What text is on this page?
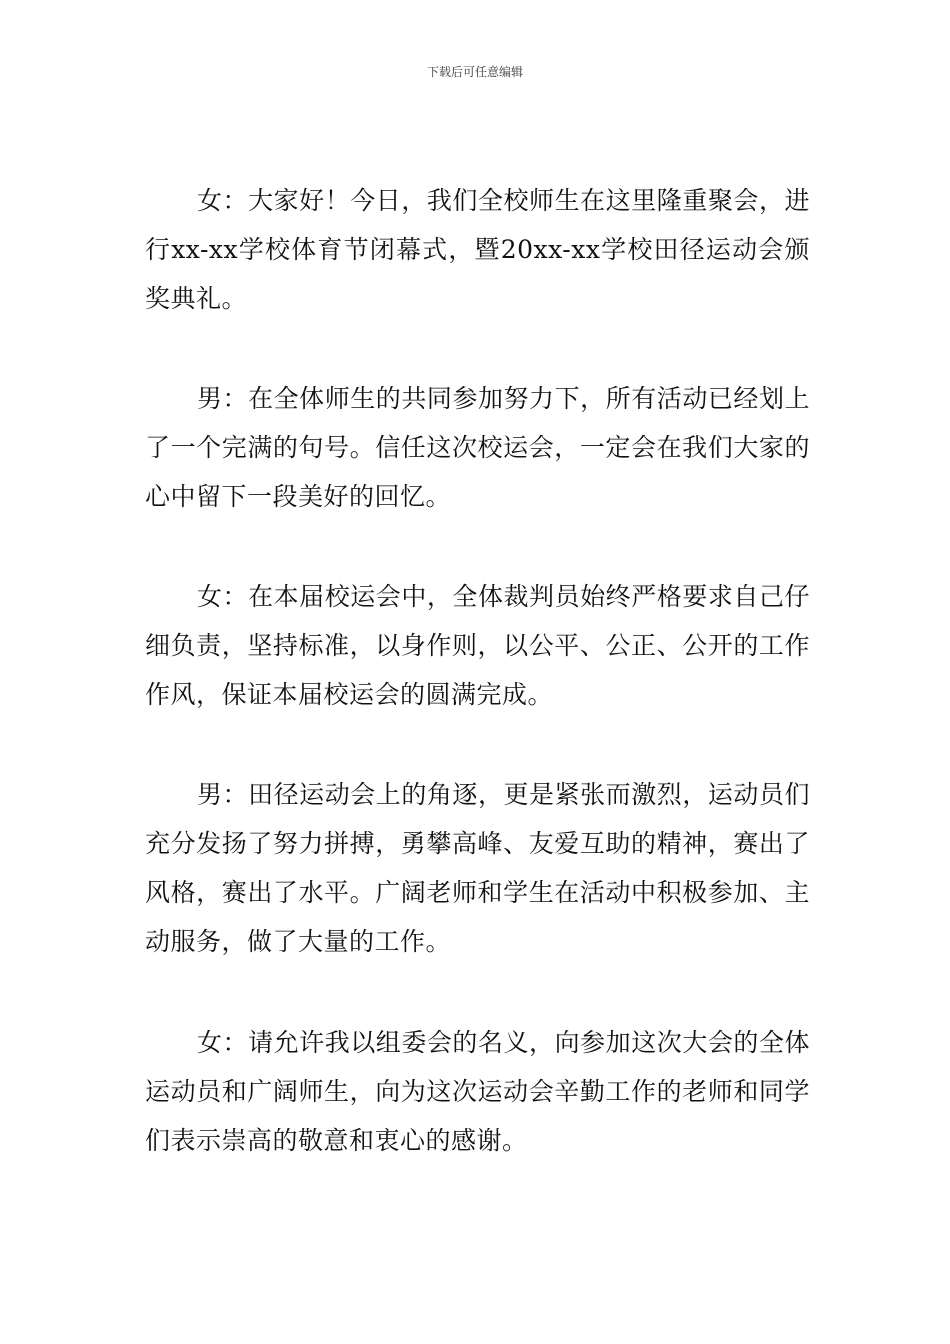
下载后可任意编辑

女：大家好！今日，我们全校师生在这里隆重聚会，进行xx-xx学校体育节闭幕式，暨20xx-xx学校田径运动会颁奖典礼。

男：在全体师生的共同参加努力下，所有活动已经划上了一个完满的句号。信任这次校运会，一定会在我们大家的心中留下一段美好的回忆。

女：在本届校运会中，全体裁判员始终严格要求自己仔细负责，坚持标准，以身作则，以公平、公正、公开的工作作风，保证本届校运会的圆满完成。

男：田径运动会上的角逐，更是紧张而激烈，运动员们充分发扬了努力拼搏，勇攀高峰、友爱互助的精神，赛出了风格，赛出了水平。广阔老师和学生在活动中积极参加、主动服务，做了大量的工作。

女：请允许我以组委会的名义，向参加这次大会的全体运动员和广阔师生，向为这次运动会辛勤工作的老师和同学们表示崇高的敬意和衷心的感谢。
